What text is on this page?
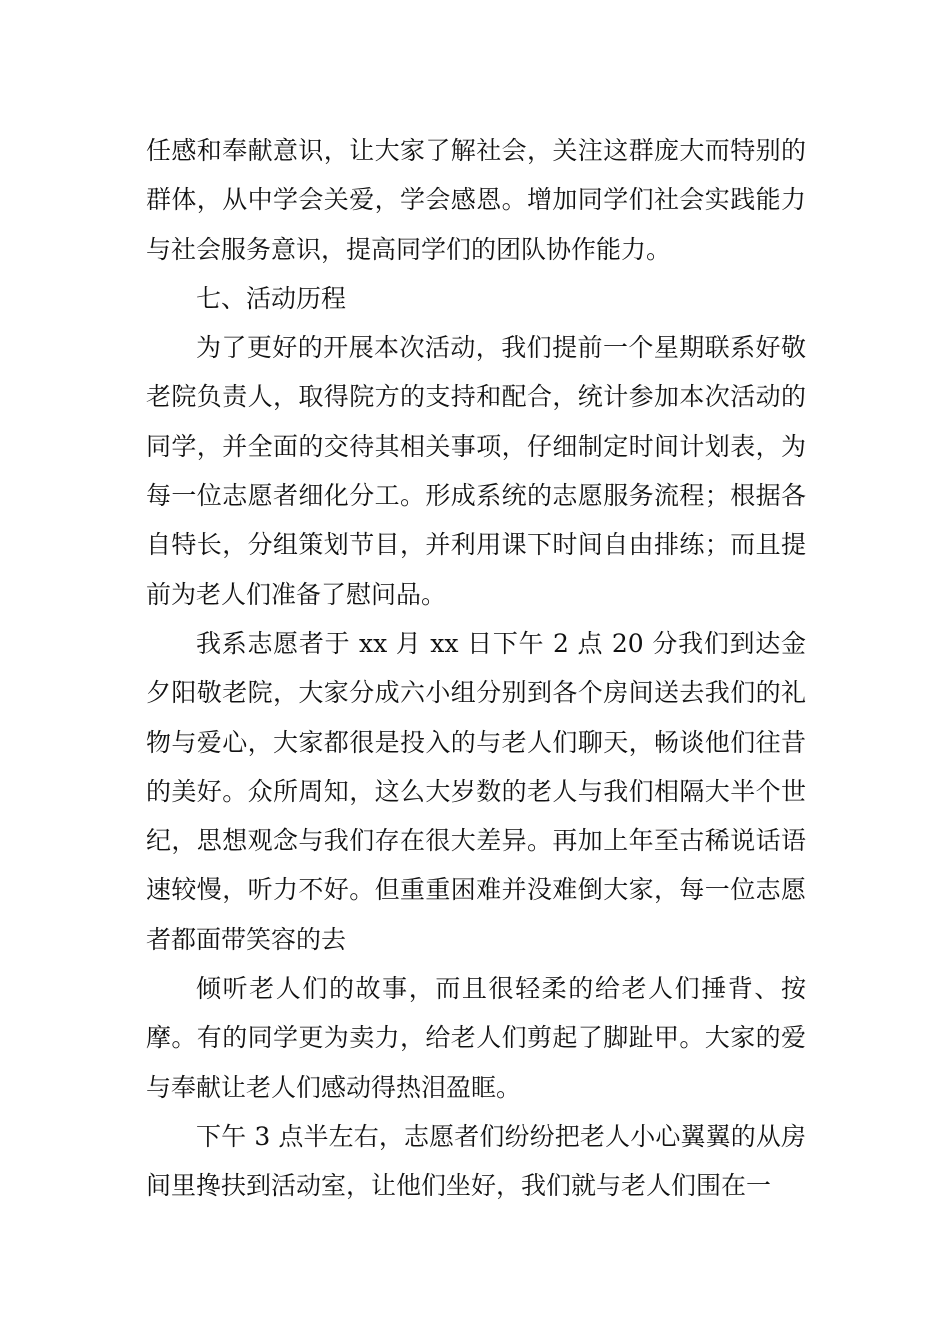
任感和奉献意识，让大家了解社会，关注这群庞大而特别的群体，从中学会关爱，学会感恩。增加同学们社会实践能力与社会服务意识，提高同学们的团队协作能力。

七、活动历程

为了更好的开展本次活动，我们提前一个星期联系好敬老院负责人，取得院方的支持和配合，统计参加本次活动的同学，并全面的交待其相关事项，仔细制定时间计划表，为每一位志愿者细化分工。形成系统的志愿服务流程；根据各自特长，分组策划节目，并利用课下时间自由排练；而且提前为老人们准备了慰问品。

我系志愿者于 xx 月 xx 日下午 2 点 20 分我们到达金夕阳敬老院，大家分成六小组分别到各个房间送去我们的礼物与爱心，大家都很是投入的与老人们聊天，畅谈他们往昔的美好。众所周知，这么大岁数的老人与我们相隔大半个世纪，思想观念与我们存在很大差异。再加上年至古稀说话语速较慢，听力不好。但重重困难并没难倒大家，每一位志愿者都面带笑容的去

倾听老人们的故事，而且很轻柔的给老人们捶背、按摩。有的同学更为卖力，给老人们剪起了脚趾甲。大家的爱与奉献让老人们感动得热泪盈眶。

下午 3 点半左右，志愿者们纷纷把老人小心翼翼的从房间里搀扶到活动室，让他们坐好，我们就与老人们围在一
